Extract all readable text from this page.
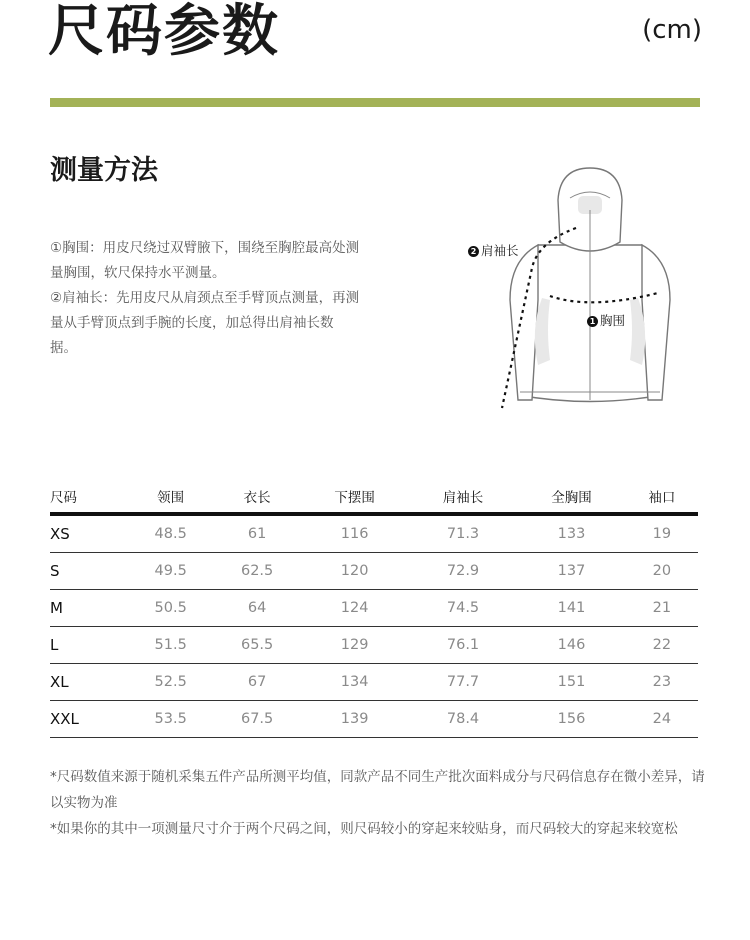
尺码参数	(cm)
测量方法

①胸围：用皮尺绕过双臂腋下，围绕至胸腔最高处测量胸围，软尺保持水平测量。

②肩袖长：先用皮尺从肩颈点至手臂顶点测量，再测量从手臂顶点到手腕的长度，加总得出肩袖长数据。

2 肩袖长
1 胸围
尺码	领围	衣长	下摆围	肩袖长	全胸围	袖口
XS	48.5	61	116	71.3	133	19
S	49.5	62.5	120	72.9	137	20
M	50.5	64	124	74.5	141	21
L	51.5	65.5	129	76.1	146	22
XL	52.5	67	134	77.7	151	23
XXL	53.5	67.5	139	78.4	156	24

*尺码数值来源于随机采集五件产品所测平均值，同款产品不同生产批次面料成分与尺码信息存在微小差异，请以实物为准

*如果你的其中一项测量尺寸介于两个尺码之间，则尺码较小的穿起来较贴身，而尺码较大的穿起来较宽松
